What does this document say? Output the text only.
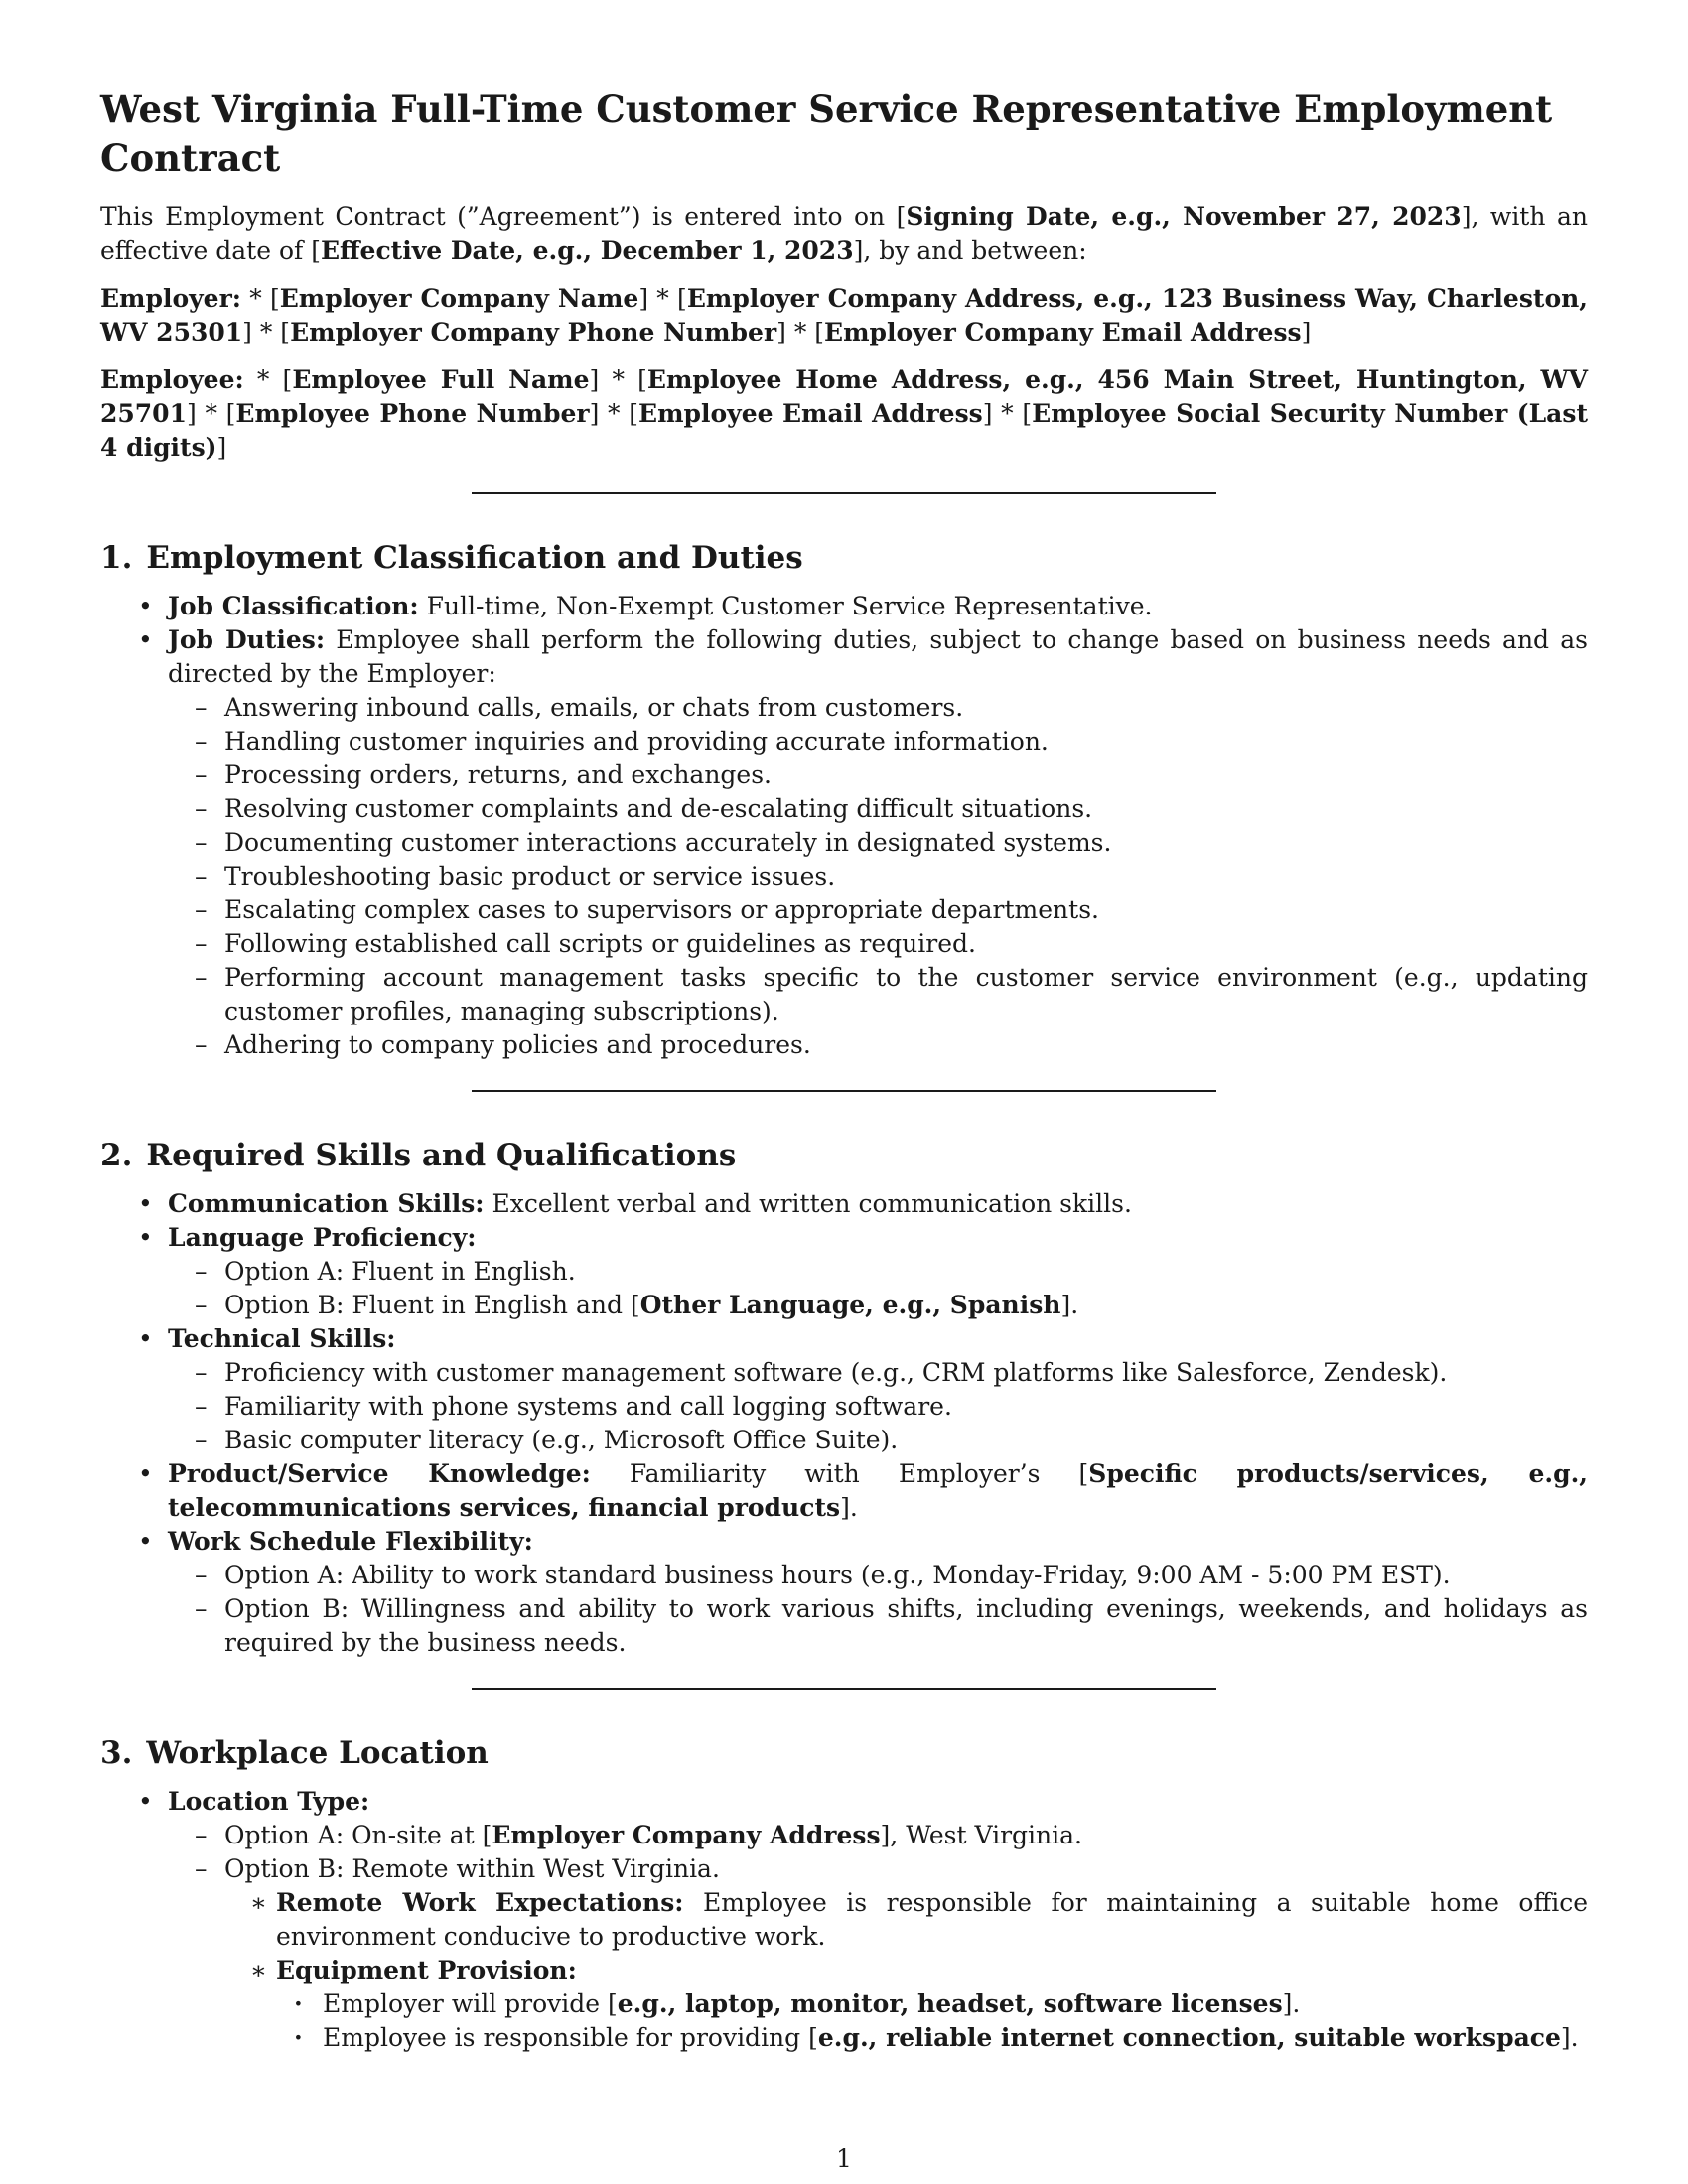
West Virginia Full-Time Customer Service Representative Employment Contract

This Employment Contract (”Agreement”) is entered into on [Signing Date, e.g., November 27, 2023], with an effective date of [Effective Date, e.g., December 1, 2023], by and between:

Employer: * [Employer Company Name] * [Employer Company Address, e.g., 123 Business Way, Charleston, WV 25301] * [Employer Company Phone Number] * [Employer Company Email Address]

Employee: * [Employee Full Name] * [Employee Home Address, e.g., 456 Main Street, Huntington, WV 25701] * [Employee Phone Number] * [Employee Email Address] * [Employee Social Security Number (Last 4 digits)]

1. Employment Classification and Duties
• Job Classification: Full-time, Non-Exempt Customer Service Representative.
• Job Duties: Employee shall perform the following duties, subject to change based on business needs and as directed by the Employer:
– Answering inbound calls, emails, or chats from customers.
– Handling customer inquiries and providing accurate information.
– Processing orders, returns, and exchanges.
– Resolving customer complaints and de-escalating difficult situations.
– Documenting customer interactions accurately in designated systems.
– Troubleshooting basic product or service issues.
– Escalating complex cases to supervisors or appropriate departments.
– Following established call scripts or guidelines as required.
– Performing account management tasks specific to the customer service environment (e.g., updating customer profiles, managing subscriptions).
– Adhering to company policies and procedures.
2. Required Skills and Qualifications
• Communication Skills: Excellent verbal and written communication skills.
• Language Proficiency:
– Option A: Fluent in English.
– Option B: Fluent in English and [Other Language, e.g., Spanish].
• Technical Skills:
– Proficiency with customer management software (e.g., CRM platforms like Salesforce, Zendesk).
– Familiarity with phone systems and call logging software.
– Basic computer literacy (e.g., Microsoft Office Suite).
• Product/Service Knowledge: Familiarity with Employer’s [Specific products/services, e.g., telecommunications services, financial products].
• Work Schedule Flexibility:
– Option A: Ability to work standard business hours (e.g., Monday-Friday, 9:00 AM - 5:00 PM EST).
– Option B: Willingness and ability to work various shifts, including evenings, weekends, and holidays as required by the business needs.
3. Workplace Location
• Location Type:
– Option A: On-site at [Employer Company Address], West Virginia.
– Option B: Remote within West Virginia.
∗ Remote Work Expectations: Employee is responsible for maintaining a suitable home office environment conducive to productive work.
∗ Equipment Provision:
· Employer will provide [e.g., laptop, monitor, headset, software licenses].
· Employee is responsible for providing [e.g., reliable internet connection, suitable workspace].
1
